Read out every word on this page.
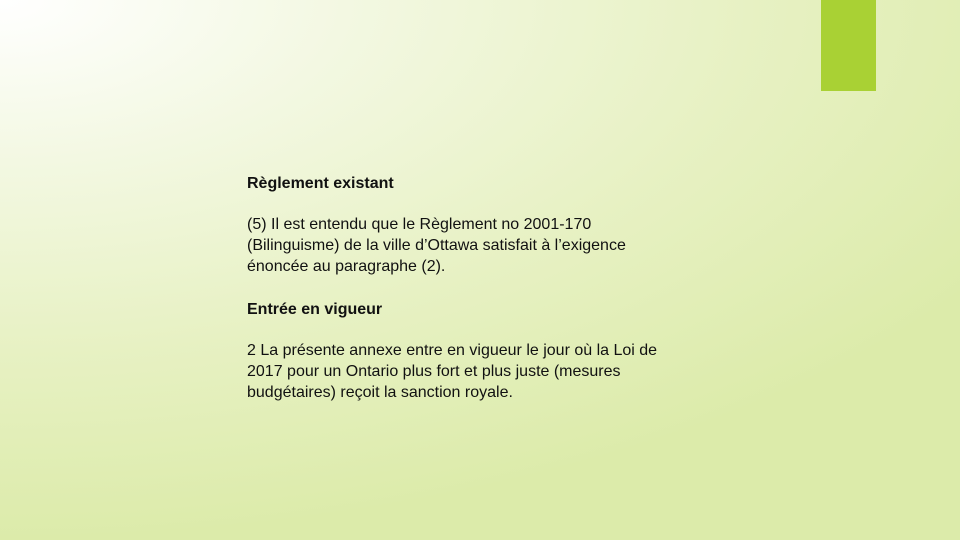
Règlement existant

(5) Il est entendu que le Règlement no 2001-170
(Bilinguisme) de la ville d’Ottawa satisfait à l’exigence
énoncée au paragraphe (2).

Entrée en vigueur

2 La présente annexe entre en vigueur le jour où la Loi de
2017 pour un Ontario plus fort et plus juste (mesures
budgétaires) reçoit la sanction royale.
